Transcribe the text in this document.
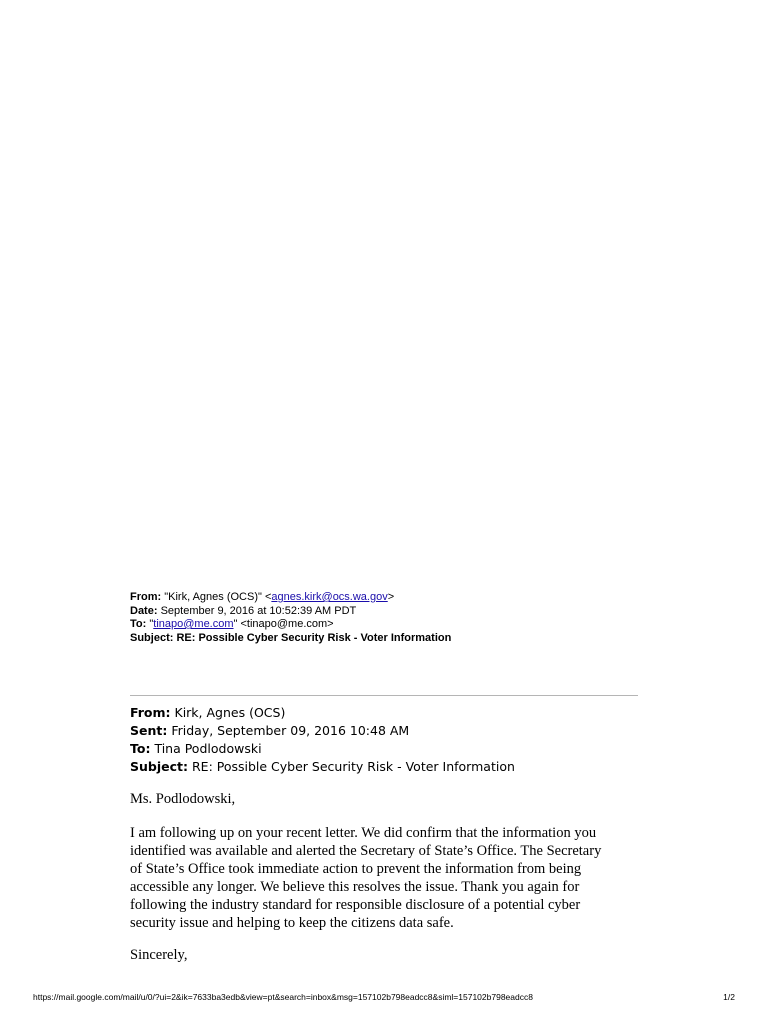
From: "Kirk, Agnes (OCS)" <agnes.kirk@ocs.wa.gov>
Date: September 9, 2016 at 10:52:39 AM PDT
To: "tinapo@me.com" <tinapo@me.com>
Subject: RE: Possible Cyber Security Risk - Voter Information
From: Kirk, Agnes (OCS)
Sent: Friday, September 09, 2016 10:48 AM
To: Tina Podlodowski
Subject: RE: Possible Cyber Security Risk - Voter Information

Ms. Podlodowski,

I am following up on your recent letter. We did confirm that the information you

identified was available and alerted the Secretary of State’s Office. The Secretary

of State’s Office took immediate action to prevent the information from being

accessible any longer. We believe this resolves the issue. Thank you again for

following the industry standard for responsible disclosure of a potential cyber

security issue and helping to keep the citizens data safe.

Sincerely,

https://mail.google.com/mail/u/0/?ui=2&ik=7633ba3edb&view=pt&search=inbox&msg=157102b798eadcc8&siml=157102b798eadcc8	1/2
